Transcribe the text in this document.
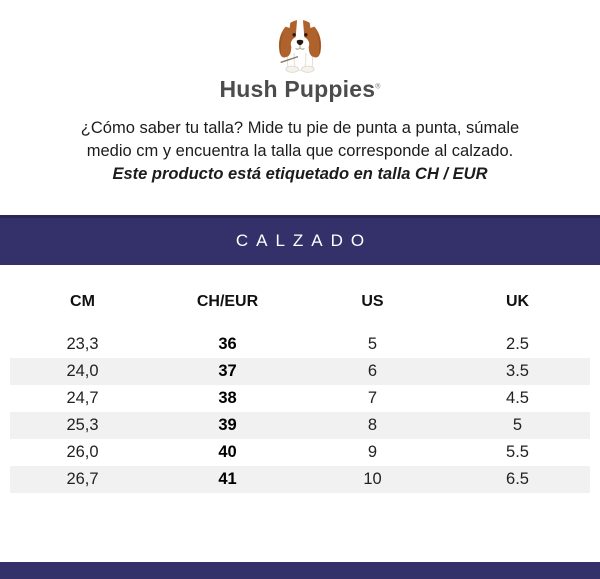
Hush Puppies®
¿Cómo saber tu talla? Mide tu pie de punta a punta, súmale
medio cm y encuentra la talla que corresponde al calzado.
Este producto está etiquetado en talla CH / EUR
CALZADO
CM	CH/EUR	US	UK
23,3	36	5	2.5
24,0	37	6	3.5
24,7	38	7	4.5
25,3	39	8	5
26,0	40	9	5.5
26,7	41	10	6.5
